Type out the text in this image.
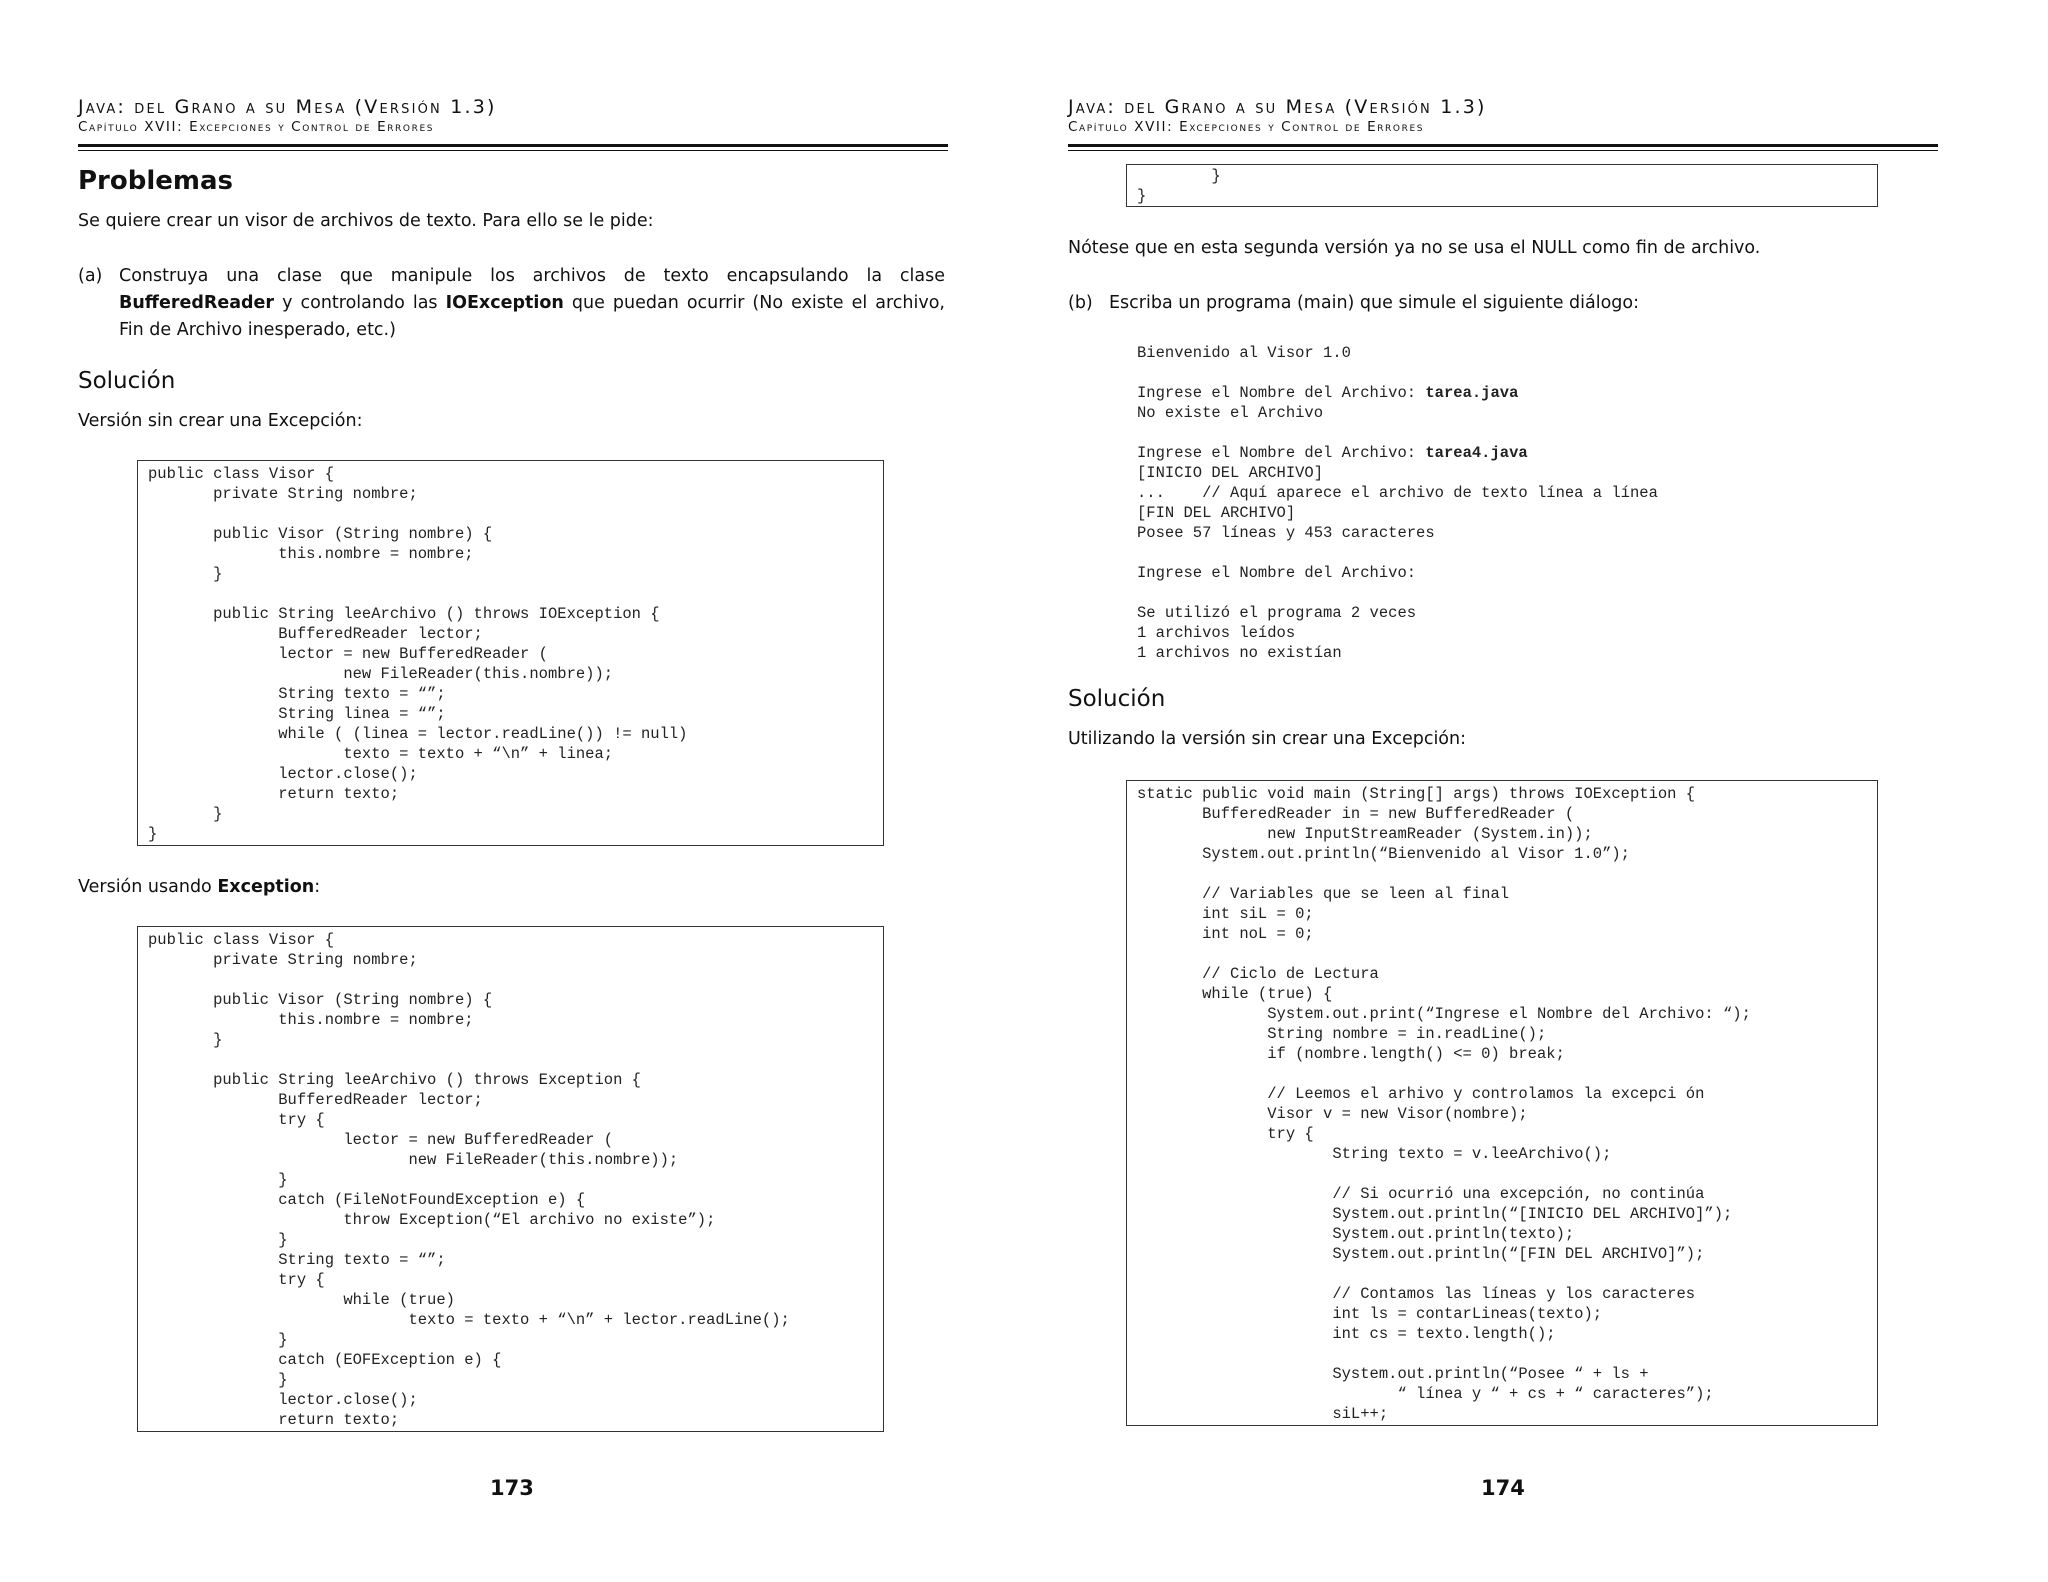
Java: del Grano a su Mesa (Versión 1.3)
Capítulo XVII: Excepciones y Control de Errores
Problemas
Se quiere crear un visor de archivos de texto. Para ello se le pide:
(a) Construya una clase que manipule los archivos de texto encapsulando la clase BufferedReader y controlando las IOException que puedan ocurrir (No existe el archivo, Fin de Archivo inesperado, etc.)
Solución
Versión sin crear una Excepción:
public class Visor {
private String nombre;

public Visor (String nombre) {
this.nombre = nombre;
}

public String leeArchivo () throws IOException {
BufferedReader lector;
lector = new BufferedReader (
new FileReader(this.nombre));
String texto = “”;
String linea = “”;
while ( (linea = lector.readLine()) != null)
texto = texto + “\n” + linea;
lector.close();
return texto;
}
}
Versión usando Exception:
public class Visor {
private String nombre;

public Visor (String nombre) {
this.nombre = nombre;
}

public String leeArchivo () throws Exception {
BufferedReader lector;
try {
lector = new BufferedReader (
new FileReader(this.nombre));
}
catch (FileNotFoundException e) {
throw Exception(“El archivo no existe”);
}
String texto = “”;
try {
while (true)
texto = texto + “\n” + lector.readLine();
}
catch (EOFException e) {
}
lector.close();
return texto;
173
Java: del Grano a su Mesa (Versión 1.3)
Capítulo XVII: Excepciones y Control de Errores
}
}
Nótese que en esta segunda versión ya no se usa el NULL como fin de archivo.
(b) Escriba un programa (main) que simule el siguiente diálogo:
Bienvenido al Visor 1.0

Ingrese el Nombre del Archivo: tarea.java
No existe el Archivo

Ingrese el Nombre del Archivo: tarea4.java
[INICIO DEL ARCHIVO]
...    // Aquí aparece el archivo de texto línea a línea
[FIN DEL ARCHIVO]
Posee 57 líneas y 453 caracteres

Ingrese el Nombre del Archivo:

Se utilizó el programa 2 veces
1 archivos leídos
1 archivos no existían
Solución
Utilizando la versión sin crear una Excepción:
static public void main (String[] args) throws IOException {
BufferedReader in = new BufferedReader (
new InputStreamReader (System.in));
System.out.println(“Bienvenido al Visor 1.0”);

// Variables que se leen al final
int siL = 0;
int noL = 0;

// Ciclo de Lectura
while (true) {
System.out.print(“Ingrese el Nombre del Archivo: “);
String nombre = in.readLine();
if (nombre.length() <= 0) break;

// Leemos el arhivo y controlamos la excepci ón
Visor v = new Visor(nombre);
try {
String texto = v.leeArchivo();

// Si ocurrió una excepción, no continúa
System.out.println(“[INICIO DEL ARCHIVO]”);
System.out.println(texto);
System.out.println(“[FIN DEL ARCHIVO]”);

// Contamos las líneas y los caracteres
int ls = contarLineas(texto);
int cs = texto.length();

System.out.println(“Posee “ + ls +
“ línea y “ + cs + “ caracteres”);
siL++;
174
